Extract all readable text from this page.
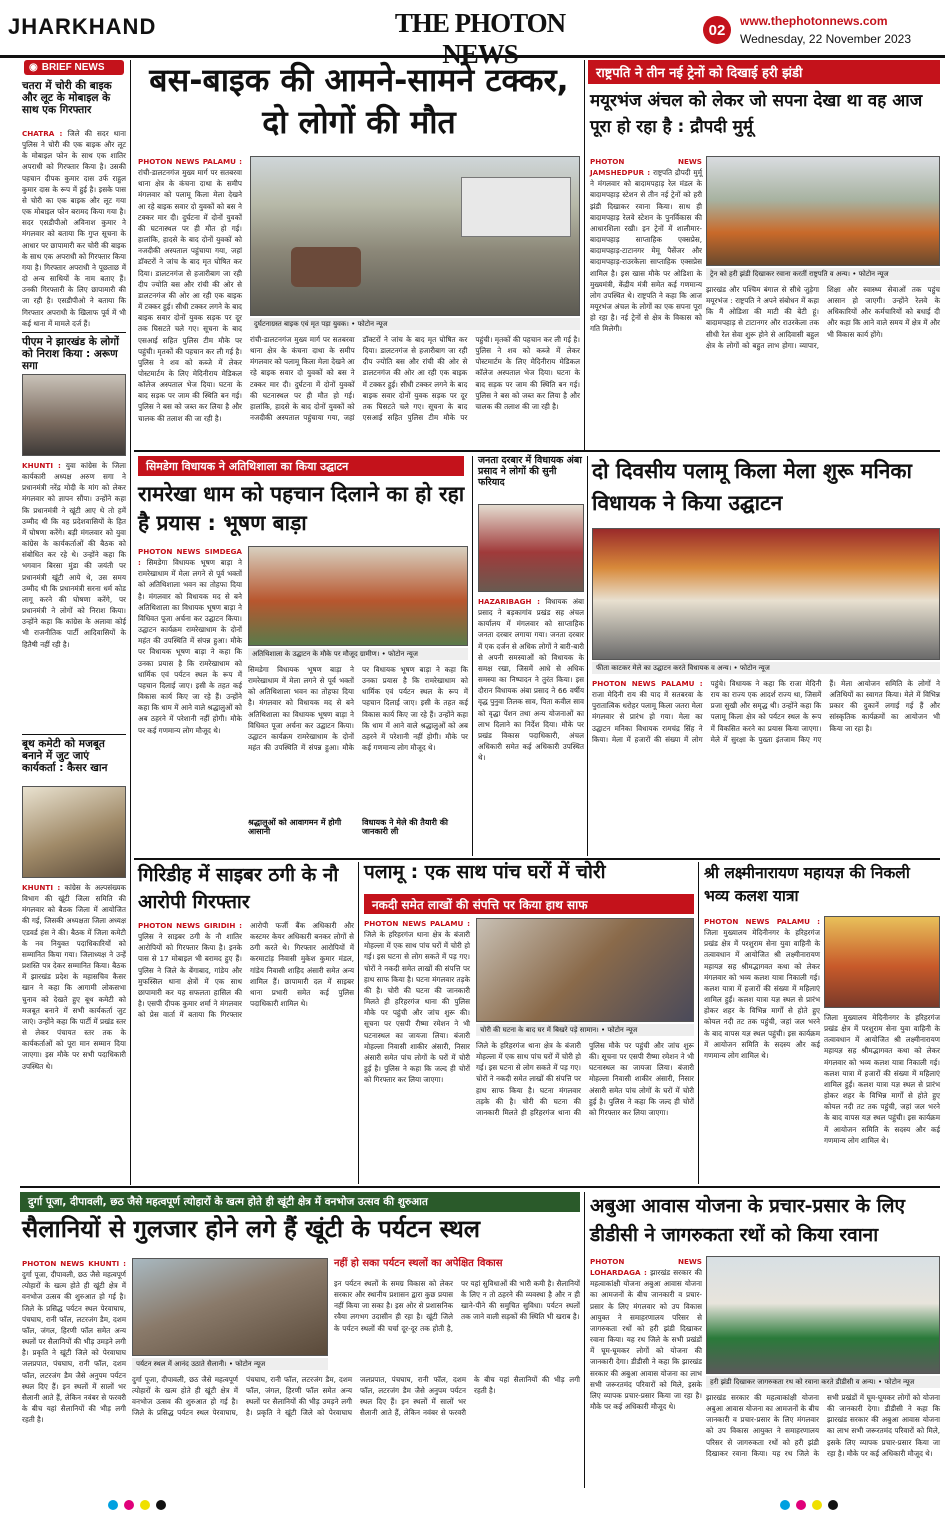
JHARKHAND	THE PHOTON NEWS
02
www.thephotonnews.com
Wednesday, 22 November 2023
◉ BRIEF NEWS
चतरा में चोरी की बाइक और लूट के मोबाइल के साथ एक गिरफ्तार
CHATRA : जिले की सदर थाना पुलिस ने चोरी की एक बाइक और लूट के मोबाइल फोन के साथ एक शातिर अपराधी को गिरफ्तार किया है। उसकी पहचान दीपक कुमार दास उर्फ राहुल कुमार दास के रूप में हुई है। इसके पास से चोरी का एक बाइक और लूट गया एक मोबाइल फोन बरामद किया गया है। सदर एसडीपीओ अविनाश कुमार ने मंगलवार को बताया कि गुप्त सूचना के आधार पर छापामारी कर चोरी की बाइक के साथ एक अपराधी को गिरफ्तार किया गया है। गिरफ्तार अपराधी ने पूछताछ में दो अन्य साथियों के नाम बताए हैं। उनकी गिरफ्तारी के लिए छापामारी की जा रही है। एसडीपीओ ने बताया कि गिरफ्तार अपराधी के खिलाफ पूर्व में भी कई थाना में मामले दर्ज हैं।
पीएम ने झारखंड के लोगों को निराश किया : अरूण सगा
KHUNTI : युवा कांग्रेस के जिला कार्यकारी अध्यक्ष अरुण सगा ने प्रधानमंत्री नरेंद्र मोदी के मांग को लेकर मंगलवार को ज्ञापन सौंपा। उन्होंने कहा कि प्रधानमंत्री ने खूंटी आए थे तो हमें उम्मीद थी कि वह प्रदेशवासियों के हित में घोषणा करेंगे। बड़ी मंगलवार को युवा कांग्रेस के कार्यकर्ताओं की बैठक को संबोधित कर रहे थे। उन्होंने कहा कि भगवान बिरसा मुंडा की जयंती पर प्रधानमंत्री खूंटी आये थे, उस समय उम्मीद थी कि प्रधानमंत्री सरना धर्म कोड लागू करने की घोषणा करेंगे, पर प्रधानमंत्री ने लोगों को निराश किया। उन्होंने कहा कि कांग्रेस के अलावा कोई भी राजनीतिक पार्टी आदिवासियों के हितैषी नहीं रही है।
बूथ कमेटी को मजबूत बनाने में जुट जाएं कार्यकर्ता : कैसर खान
KHUNTI : कांग्रेस के अल्पसंख्यक विभाग की खूंटी जिला समिति की मंगलवार को बैठक जिला में आयोजित की गई, जिसकी अध्यक्षता जिला अध्यक्ष एडवर्ड हंस ने की। बैठक में जिला कमेटी के नव नियुक्त पदाधिकारियों को सम्मानित किया गया। जिलाध्यक्ष ने उन्हें प्रशस्ति पत्र देकर सम्मानित किया। बैठक में झारखंड प्रदेश के महासचिव कैसर खान ने कहा कि आगामी लोकसभा चुनाव को देखते हुए बूथ कमेटी को मजबूत बनाने में सभी कार्यकर्ता जुट जाएं। उन्होंने कहा कि पार्टी में प्रखंड स्तर से लेकर पंचायत स्तर तक के कार्यकर्ताओं को पूरा मान सम्मान दिया जाएगा। इस मौके पर सभी पदाधिकारी उपस्थित थे।
बस-बाइक की आमने-सामने टक्कर, दो लोगों की मौत
PHOTON NEWS PALAMU : रांची-डालटनगंज मुख्य मार्ग पर सतबरवा थाना क्षेत्र के कंचना दाथा के समीप मंगलवार को पलामू किला मेला देखने आ रहे बाइक सवार दो युवकों को बस ने टक्कर मार दी। दुर्घटना में दोनों युवकों की घटनास्थल पर ही मौत हो गई। हालांकि, हादसे के बाद दोनों युवकों को नजदीकी अस्पताल पहुंचाया गया, जहां डॉक्टरों ने जांच के बाद मृत घोषित कर दिया। डालटनगंज से हजारीबाग जा रही दीप ज्योति बस और रांची की ओर से डालटनगंज की ओर आ रही एक बाइक में टक्कर हुई। सीधी टक्कर लगने के बाद बाइक सवार दोनों युवक सड़क पर दूर तक घिसटते चले गए। सूचना के बाद एसआई सहित पुलिस टीम मौके पर पहुंची। मृतकों की पहचान कर ली गई है। पुलिस ने शव को कब्जे में लेकर पोस्टमार्टम के लिए मेदिनीराय मेडिकल कॉलेज अस्पताल भेज दिया। घटना के बाद सड़क पर जाम की स्थिति बन गई। पुलिस ने बस को जब्त कर लिया है और चालक की तलाश की जा रही है।
दुर्घटनाग्रस्त बाइक एवं मृत पड़ा युवक। • फोटोन न्यूज
रांची-डालटनगंज मुख्य मार्ग पर सतबरवा थाना क्षेत्र के कंचना दाथा के समीप मंगलवार को पलामू किला मेला देखने आ रहे बाइक सवार दो युवकों को बस ने टक्कर मार दी। दुर्घटना में दोनों युवकों की घटनास्थल पर ही मौत हो गई। हालांकि, हादसे के बाद दोनों युवकों को नजदीकी अस्पताल पहुंचाया गया, जहां डॉक्टरों ने जांच के बाद मृत घोषित कर दिया। डालटनगंज से हजारीबाग जा रही दीप ज्योति बस और रांची की ओर से डालटनगंज की ओर आ रही एक बाइक में टक्कर हुई। सीधी टक्कर लगने के बाद बाइक सवार दोनों युवक सड़क पर दूर तक घिसटते चले गए। सूचना के बाद एसआई सहित पुलिस टीम मौके पर पहुंची। मृतकों की पहचान कर ली गई है। पुलिस ने शव को कब्जे में लेकर पोस्टमार्टम के लिए मेदिनीराय मेडिकल कॉलेज अस्पताल भेज दिया। घटना के बाद सड़क पर जाम की स्थिति बन गई। पुलिस ने बस को जब्त कर लिया है और चालक की तलाश की जा रही है।
राष्ट्रपति ने तीन नई ट्रेनों को दिखाई हरी झंडी
मयूरभंज अंचल को लेकर जो सपना देखा था वह आज पूरा हो रहा है : द्रौपदी मुर्मू
PHOTON NEWS JAMSHEDPUR : राष्ट्रपति द्रौपदी मुर्मू ने मंगलवार को बादामपहाड़ रेल मंडल के बादामपहाड़ स्टेशन से तीन नई ट्रेनों को हरी झंडी दिखाकर रवाना किया। साथ ही बादामपहाड़ रेलवे स्टेशन के पुनर्विकास की आधारशिला रखी। इन ट्रेनों में शालीमार-बादामपहाड़ साप्ताहिक एक्सप्रेस, बादामपहाड़-टाटानगर मेमू पैसेंजर और बादामपहाड़-राउरकेला साप्ताहिक एक्सप्रेस शामिल है। इस खास मौके पर ओडिशा के मुख्यमंत्री, केंद्रीय मंत्री समेत कई गणमान्य लोग उपस्थित थे। राष्ट्रपति ने कहा कि आज मयूरभंज अंचल के लोगों का एक सपना पूरा हो रहा है। नई ट्रेनों से क्षेत्र के विकास को गति मिलेगी।
ट्रेन को हरी झंडी दिखाकर रवाना करतीं राष्ट्रपति व अन्य। • फोटोन न्यूज
झारखंड और पश्चिम बंगाल से सीधे जुड़ेगा मयूरभंज : राष्ट्रपति ने अपने संबोधन में कहा कि मैं ओडिशा की माटी की बेटी हूं। बादामपहाड़ से टाटानगर और राउरकेला तक सीधी रेल सेवा शुरू होने से आदिवासी बहुल क्षेत्र के लोगों को बहुत लाभ होगा। व्यापार, शिक्षा और स्वास्थ्य सेवाओं तक पहुंच आसान हो जाएगी। उन्होंने रेलवे के अधिकारियों और कर्मचारियों को बधाई दी और कहा कि आने वाले समय में क्षेत्र में और भी विकास कार्य होंगे।
सिमडेगा विधायक ने अतिथिशाला का किया उद्घाटन
रामरेखा धाम को पहचान दिलाने का हो रहा है प्रयास : भूषण बाड़ा
PHOTON NEWS SIMDEGA : सिमडेगा विधायक भूषण बाड़ा ने रामरेखाधाम में मेला लगने से पूर्व भक्तों को अतिथिशाला भवन का तोहफा दिया है। मंगलवार को विधायक मद से बने अतिथिशाला का विधायक भूषण बाड़ा ने विधिवत पूजा अर्चना कर उद्घाटन किया। उद्घाटन कार्यक्रम रामरेखाधाम के दोनों महंत की उपस्थिति में संपन्न हुआ। मौके पर विधायक भूषण बाड़ा ने कहा कि उनका प्रयास है कि रामरेखाधाम को धार्मिक एवं पर्यटन स्थल के रूप में पहचान दिलाई जाए। इसी के तहत कई विकास कार्य किए जा रहे हैं। उन्होंने कहा कि धाम में आने वाले श्रद्धालुओं को अब ठहरने में परेशानी नहीं होगी। मौके पर कई गणमान्य लोग मौजूद थे।
अतिथिशाला के उद्घाटन के मौके पर मौजूद ग्रामीण। • फोटोन न्यूज
सिमडेगा विधायक भूषण बाड़ा ने रामरेखाधाम में मेला लगने से पूर्व भक्तों को अतिथिशाला भवन का तोहफा दिया है। मंगलवार को विधायक मद से बने अतिथिशाला का विधायक भूषण बाड़ा ने विधिवत पूजा अर्चना कर उद्घाटन किया। उद्घाटन कार्यक्रम रामरेखाधाम के दोनों महंत की उपस्थिति में संपन्न हुआ। मौके पर विधायक भूषण बाड़ा ने कहा कि उनका प्रयास है कि रामरेखाधाम को धार्मिक एवं पर्यटन स्थल के रूप में पहचान दिलाई जाए। इसी के तहत कई विकास कार्य किए जा रहे हैं। उन्होंने कहा कि धाम में आने वाले श्रद्धालुओं को अब ठहरने में परेशानी नहीं होगी। मौके पर कई गणमान्य लोग मौजूद थे।
श्रद्धालुओं को आवागमन में होगी आसानी
विधायक ने मेले की तैयारी की जानकारी ली
जनता दरबार में विधायक अंबा प्रसाद ने लोगों की सुनी फरियाद
HAZARIBAGH : विधायक अंबा प्रसाद ने बड़कागांव प्रखंड सह अंचल कार्यालय में मंगलवार को साप्ताहिक जनता दरबार लगाया गया। जनता दरबार में एक दर्जन से अधिक लोगों ने बारी-बारी से अपनी समस्याओं को विधायक के समक्ष रखा, जिसमें आधे से अधिक समस्या का निष्पादन ने तुरंत किया। इस दौरान विधायक अंबा प्रसाद ने 66 वर्षीय वृद्ध पुनुवा तिलक साव, पिता कवील साव को वृद्धा पेंशन तथा अन्य योजनाओं का लाभ दिलाने का निर्देश दिया। मौके पर प्रखंड विकास पदाधिकारी, अंचल अधिकारी समेत कई अधिकारी उपस्थित थे।
दो दिवसीय पलामू किला मेला शुरू मनिका विधायक ने किया उद्घाटन
फीता काटकर मेले का उद्घाटन करते विधायक व अन्य। • फोटोन न्यूज
PHOTON NEWS PALAMU : राजा मेदिनी राय की याद में सतबरवा के पुरातात्विक धरोहर पलामू किला जतरा मेला मंगलवार से प्रारंभ हो गया। मेला का उद्घाटन मनिका विधायक रामचंद्र सिंह ने किया। मेला में हजारों की संख्या में लोग पहुंचे। विधायक ने कहा कि राजा मेदिनी राय का राज्य एक आदर्श राज्य था, जिसमें प्रजा सुखी और समृद्ध थी। उन्होंने कहा कि पलामू किला क्षेत्र को पर्यटन स्थल के रूप में विकसित करने का प्रयास किया जाएगा। मेले में सुरक्षा के पुख्ता इंतजाम किए गए हैं। मेला आयोजन समिति के लोगों ने अतिथियों का स्वागत किया। मेले में विभिन्न प्रकार की दुकानें लगाई गई हैं और सांस्कृतिक कार्यक्रमों का आयोजन भी किया जा रहा है।
गिरिडीह में साइबर ठगी के नौ आरोपी गिरफ्तार
PHOTON NEWS GIRIDIH : पुलिस ने साइबर ठगी के नौ शातिर आरोपियों को गिरफ्तार किया है। इनके पास से 17 मोबाइल भी बरामद हुए हैं। पुलिस ने जिले के बेंगाबाद, गांडेय और मुफस्सिल थाना क्षेत्रों में एक साथ छापामारी कर यह सफलता हासिल की है। एसपी दीपक कुमार शर्मा ने मंगलवार को प्रेस वार्ता में बताया कि गिरफ्तार आरोपी फर्जी बैंक अधिकारी और कस्टमर केयर अधिकारी बनकर लोगों से ठगी करते थे। गिरफ्तार आरोपियों में करमाटांड़ निवासी मुकेश कुमार मंडल, गांडेय निवासी शाहिद अंसारी समेत अन्य शामिल हैं। छापामारी दल में साइबर थाना प्रभारी समेत कई पुलिस पदाधिकारी शामिल थे।
पलामू : एक साथ पांच घरों में चोरी
नकदी समेत लाखों की संपत्ति पर किया हाथ साफ
PHOTON NEWS PALAMU : जिले के हरिहरगंज थाना क्षेत्र के बंजारी मोहल्ला में एक साथ पांच घरों में चोरी हो गई। इस घटना से लोग सकते में पड़ गए। चोरों ने नकदी समेत लाखों की संपत्ति पर हाथ साफ किया है। घटना मंगलवार तड़के की है। चोरी की घटना की जानकारी मिलते ही हरिहरगंज थाना की पुलिस मौके पर पहुंची और जांच शुरू की। सूचना पर एसपी रीष्मा रमेशन ने भी घटनास्थल का जायजा लिया। बंजारी मोहल्ला निवासी शाकीर अंसारी, निसार अंसारी समेत पांच लोगों के घरों में चोरी हुई है। पुलिस ने कहा कि जल्द ही चोरों को गिरफ्तार कर लिया जाएगा।
चोरी की घटना के बाद घर में बिखरे पड़े सामान। • फोटोन न्यूज
जिले के हरिहरगंज थाना क्षेत्र के बंजारी मोहल्ला में एक साथ पांच घरों में चोरी हो गई। इस घटना से लोग सकते में पड़ गए। चोरों ने नकदी समेत लाखों की संपत्ति पर हाथ साफ किया है। घटना मंगलवार तड़के की है। चोरी की घटना की जानकारी मिलते ही हरिहरगंज थाना की पुलिस मौके पर पहुंची और जांच शुरू की। सूचना पर एसपी रीष्मा रमेशन ने भी घटनास्थल का जायजा लिया। बंजारी मोहल्ला निवासी शाकीर अंसारी, निसार अंसारी समेत पांच लोगों के घरों में चोरी हुई है। पुलिस ने कहा कि जल्द ही चोरों को गिरफ्तार कर लिया जाएगा।
श्री लक्ष्मीनारायण महायज्ञ की निकली भव्य कलश यात्रा
PHOTON NEWS PALAMU : जिला मुख्यालय मेदिनीनगर के हरिहरगंज प्रखंड क्षेत्र में परशुराम सेना युवा वाहिनी के तत्वावधान में आयोजित श्री लक्ष्मीनारायण महायज्ञ सह श्रीमद्भागवत कथा को लेकर मंगलवार को भव्य कलश यात्रा निकाली गई। कलश यात्रा में हजारों की संख्या में महिलाएं शामिल हुईं। कलश यात्रा यज्ञ स्थल से प्रारंभ होकर शहर के विभिन्न मार्गों से होते हुए कोयल नदी तट तक पहुंची, जहां जल भरने के बाद वापस यज्ञ स्थल पहुंची। इस कार्यक्रम में आयोजन समिति के सदस्य और कई गणमान्य लोग शामिल थे।
जिला मुख्यालय मेदिनीनगर के हरिहरगंज प्रखंड क्षेत्र में परशुराम सेना युवा वाहिनी के तत्वावधान में आयोजित श्री लक्ष्मीनारायण महायज्ञ सह श्रीमद्भागवत कथा को लेकर मंगलवार को भव्य कलश यात्रा निकाली गई। कलश यात्रा में हजारों की संख्या में महिलाएं शामिल हुईं। कलश यात्रा यज्ञ स्थल से प्रारंभ होकर शहर के विभिन्न मार्गों से होते हुए कोयल नदी तट तक पहुंची, जहां जल भरने के बाद वापस यज्ञ स्थल पहुंची। इस कार्यक्रम में आयोजन समिति के सदस्य और कई गणमान्य लोग शामिल थे।
दुर्गा पूजा, दीपावली, छठ जैसे महत्वपूर्ण त्योहारों के खत्म होते ही खूंटी क्षेत्र में वनभोज उत्सव की शुरुआत
सैलानियों से गुलजार होने लगे हैं खूंटी के पर्यटन स्थल
PHOTON NEWS KHUNTI : दुर्गा पूजा, दीपावली, छठ जैसे महत्वपूर्ण त्योहारों के खत्म होते ही खूंटी क्षेत्र में वनभोज उत्सव की शुरुआत हो गई है। जिले के प्रसिद्ध पर्यटन स्थल पेरवाघाघ, पंचघाघ, रानी फॉल, लटरजंग डैम, दशम फॉल, जंगल, हिरणी फॉल समेत अन्य स्थलों पर सैलानियों की भीड़ उमड़ने लगी है। प्रकृति ने खूंटी जिले को पेरवाघाघ जलप्रपात, पंचघाघ, रानी फॉल, दशम फॉल, लटरजंग डैम जैसे अनुपम पर्यटन स्थल दिए हैं। इन स्थलों में सालों भर सैलानी आते हैं, लेकिन नवंबर से फरवरी के बीच यहां सैलानियों की भीड़ लगी रहती है।
पर्यटन स्थल में आनंद उठाते सैलानी। • फोटोन न्यूज
नहीं हो सका पर्यटन स्थलों का अपेक्षित विकास
इन पर्यटन स्थलों के समग्र विकास को लेकर सरकार और स्थानीय प्रशासन द्वारा कुछ प्रयास नहीं किया जा सका है। इस ओर से प्रशासनिक रवैया लगभग उदासीन ही रहा है। खूंटी जिले के पर्यटन स्थलों की चर्चा दूर-दूर तक होती है, पर यहां सुविधाओं की भारी कमी है। सैलानियों के लिए न तो ठहरने की व्यवस्था है और न ही खाने-पीने की समुचित सुविधा। पर्यटन स्थलों तक जाने वाली सड़कों की स्थिति भी खराब है।
दुर्गा पूजा, दीपावली, छठ जैसे महत्वपूर्ण त्योहारों के खत्म होते ही खूंटी क्षेत्र में वनभोज उत्सव की शुरुआत हो गई है। जिले के प्रसिद्ध पर्यटन स्थल पेरवाघाघ, पंचघाघ, रानी फॉल, लटरजंग डैम, दशम फॉल, जंगल, हिरणी फॉल समेत अन्य स्थलों पर सैलानियों की भीड़ उमड़ने लगी है। प्रकृति ने खूंटी जिले को पेरवाघाघ जलप्रपात, पंचघाघ, रानी फॉल, दशम फॉल, लटरजंग डैम जैसे अनुपम पर्यटन स्थल दिए हैं। इन स्थलों में सालों भर सैलानी आते हैं, लेकिन नवंबर से फरवरी के बीच यहां सैलानियों की भीड़ लगी रहती है।
अबुआ आवास योजना के प्रचार-प्रसार के लिए डीडीसी ने जागरुकता रथों को किया रवाना
PHOTON NEWS LOHARDAGA : झारखंड सरकार की महत्वाकांक्षी योजना अबुआ आवास योजना का आमजनों के बीच जानकारी व प्रचार-प्रसार के लिए मंगलवार को उप विकास आयुक्त ने समाहरणालय परिसर से जागरुकता रथों को हरी झंडी दिखाकर रवाना किया। यह रथ जिले के सभी प्रखंडों में घूम-घूमकर लोगों को योजना की जानकारी देगा। डीडीसी ने कहा कि झारखंड सरकार की अबुआ आवास योजना का लाभ सभी जरूरतमंद परिवारों को मिले, इसके लिए व्यापक प्रचार-प्रसार किया जा रहा है। मौके पर कई अधिकारी मौजूद थे।
हरी झंडी दिखाकर जागरुकता रथ को रवाना करते डीडीसी व अन्य। • फोटोन न्यूज
झारखंड सरकार की महत्वाकांक्षी योजना अबुआ आवास योजना का आमजनों के बीच जानकारी व प्रचार-प्रसार के लिए मंगलवार को उप विकास आयुक्त ने समाहरणालय परिसर से जागरुकता रथों को हरी झंडी दिखाकर रवाना किया। यह रथ जिले के सभी प्रखंडों में घूम-घूमकर लोगों को योजना की जानकारी देगा। डीडीसी ने कहा कि झारखंड सरकार की अबुआ आवास योजना का लाभ सभी जरूरतमंद परिवारों को मिले, इसके लिए व्यापक प्रचार-प्रसार किया जा रहा है। मौके पर कई अधिकारी मौजूद थे।
